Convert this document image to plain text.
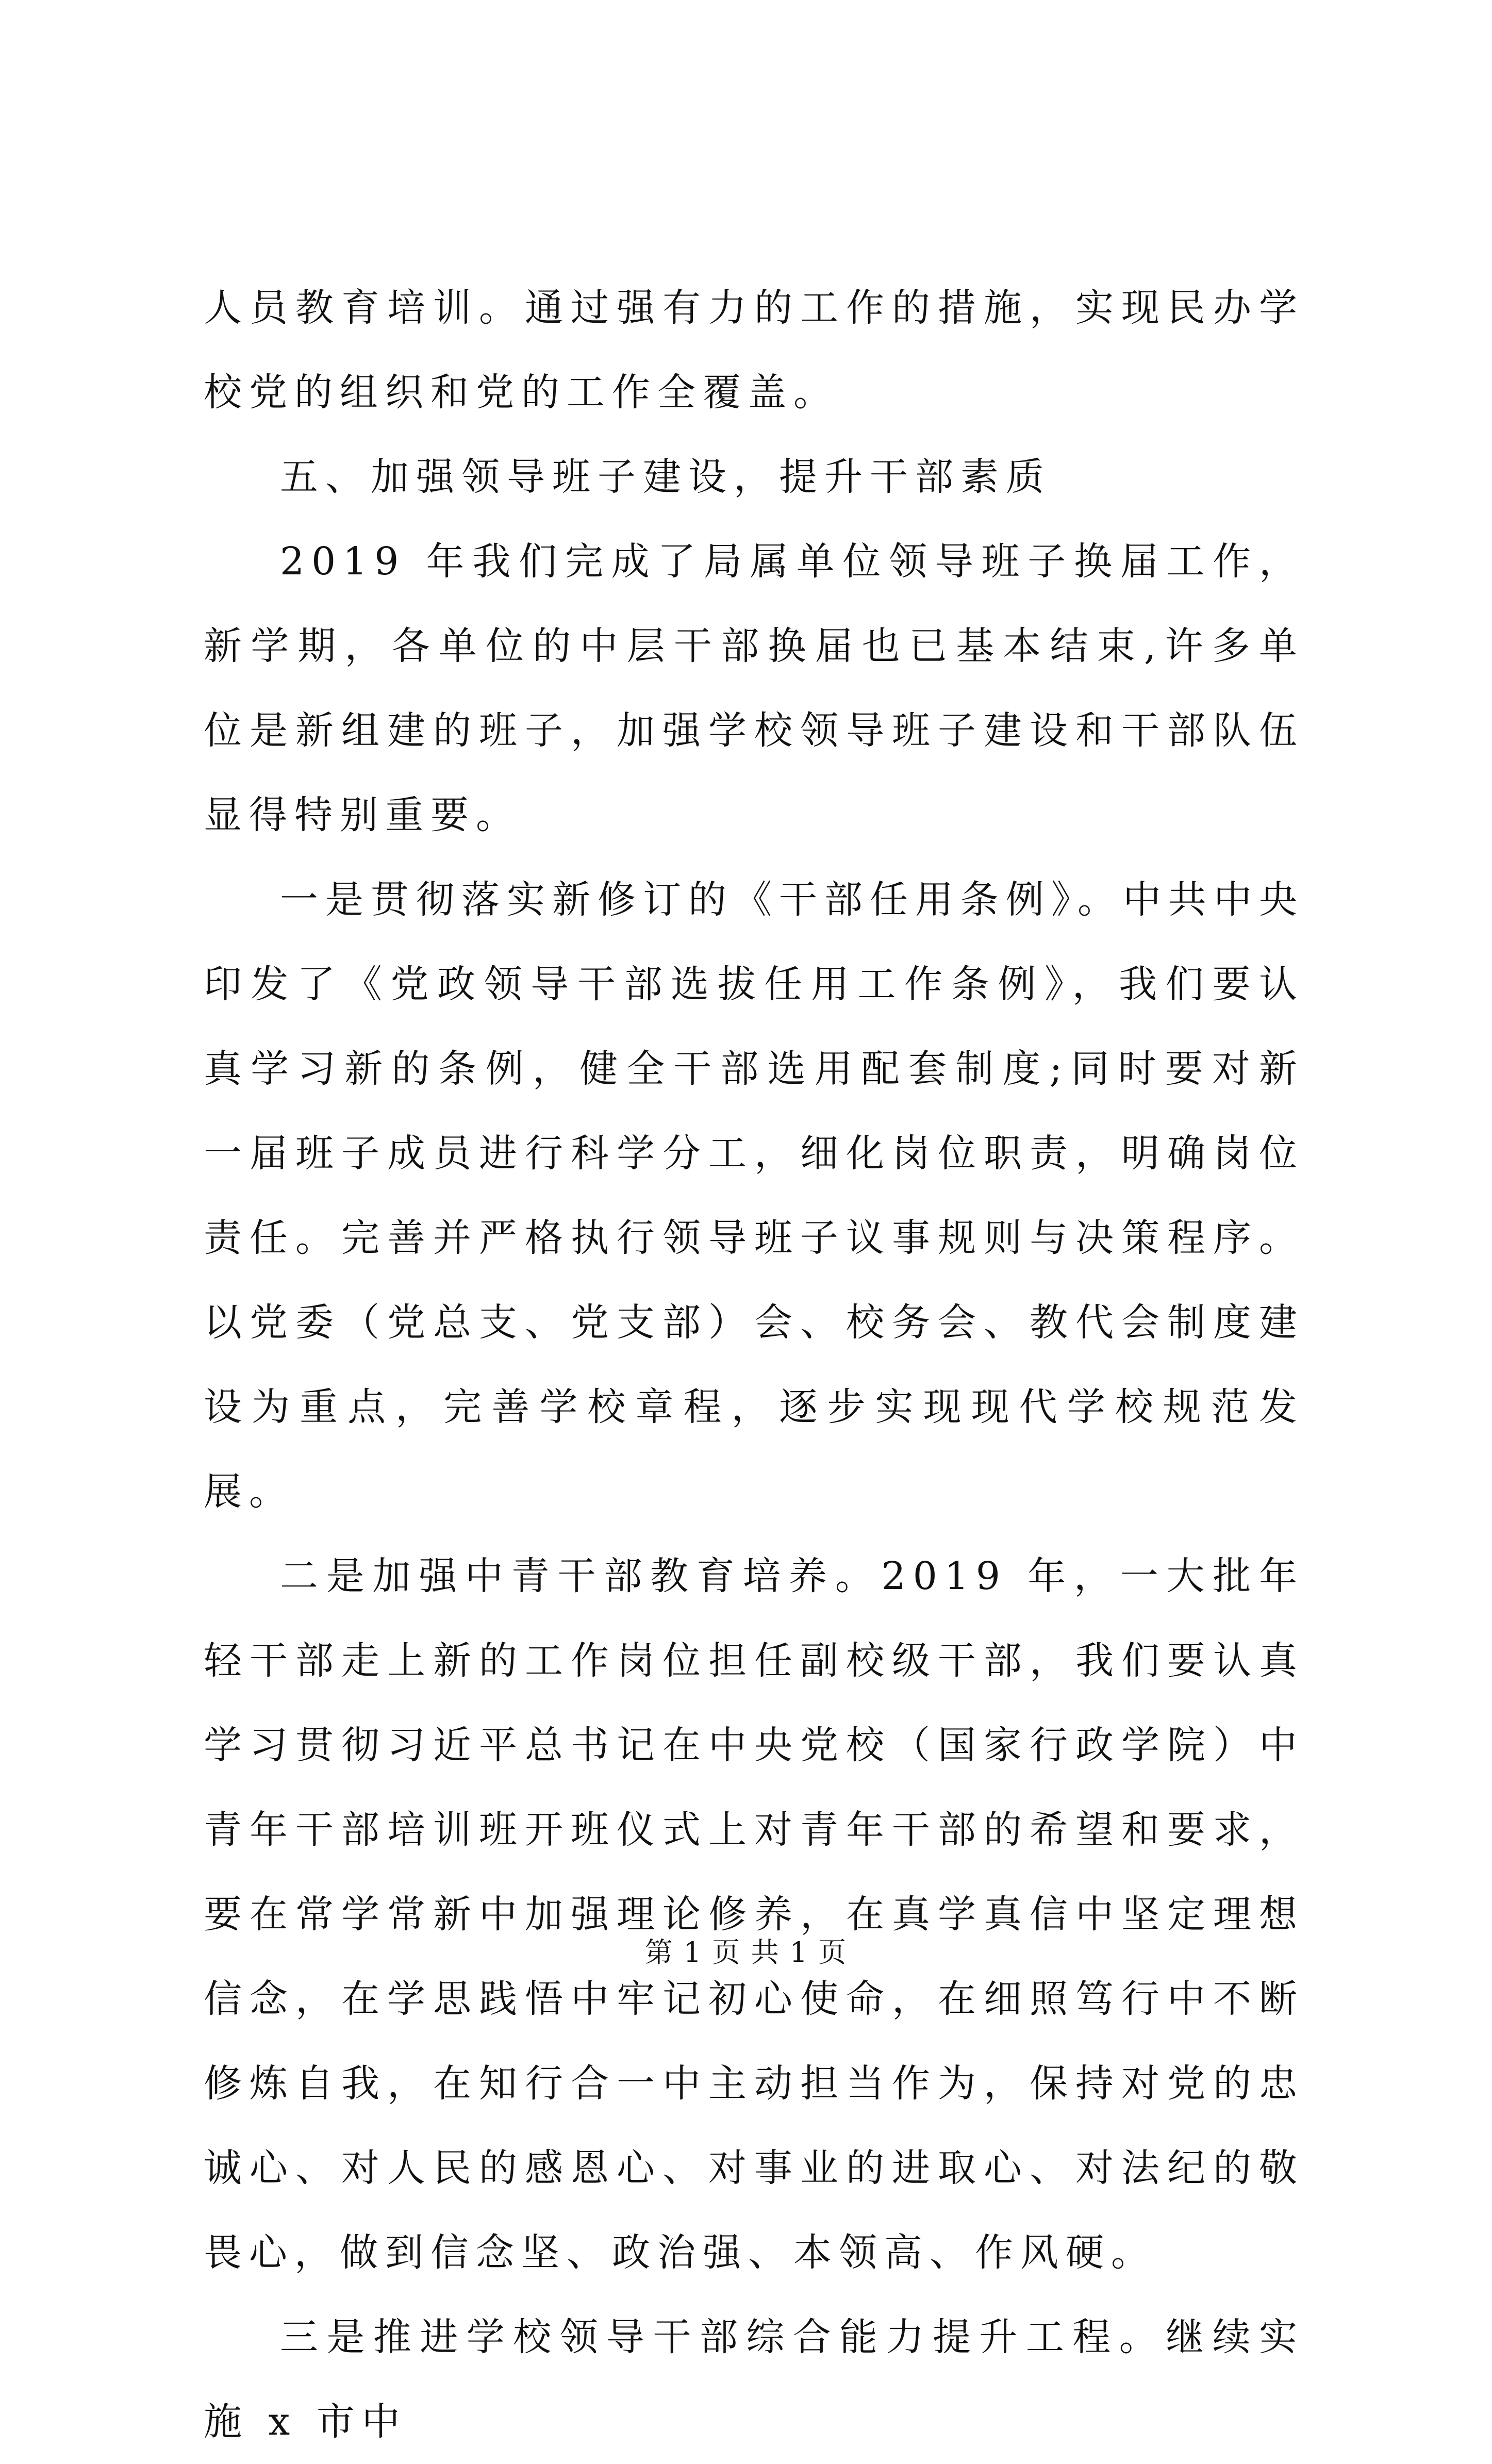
人员教育培训。通过强有力的工作的措施，实现民办学校党的组织和党的工作全覆盖。

五、加强领导班子建设，提升干部素质

2019 年我们完成了局属单位领导班子换届工作，新学期，各单位的中层干部换届也已基本结束,许多单位是新组建的班子，加强学校领导班子建设和干部队伍显得特别重要。

一是贯彻落实新修订的《干部任用条例》。中共中央印发了《党政领导干部选拔任用工作条例》，我们要认真学习新的条例，健全干部选用配套制度;同时要对新一届班子成员进行科学分工，细化岗位职责，明确岗位责任。完善并严格执行领导班子议事规则与决策程序。以党委（党总支、党支部）会、校务会、教代会制度建设为重点，完善学校章程，逐步实现现代学校规范发展。

二是加强中青干部教育培养。2019 年，一大批年轻干部走上新的工作岗位担任副校级干部，我们要认真学习贯彻习近平总书记在中央党校（国家行政学院）中青年干部培训班开班仪式上对青年干部的希望和要求，要在常学常新中加强理论修养，在真学真信中坚定理想信念，在学思践悟中牢记初心使命，在细照笃行中不断修炼自我，在知行合一中主动担当作为，保持对党的忠诚心、对人民的感恩心、对事业的进取心、对法纪的敬畏心，做到信念坚、政治强、本领高、作风硬。

三是推进学校领导干部综合能力提升工程。继续实施 x 市中

第 1 页 共 1 页
